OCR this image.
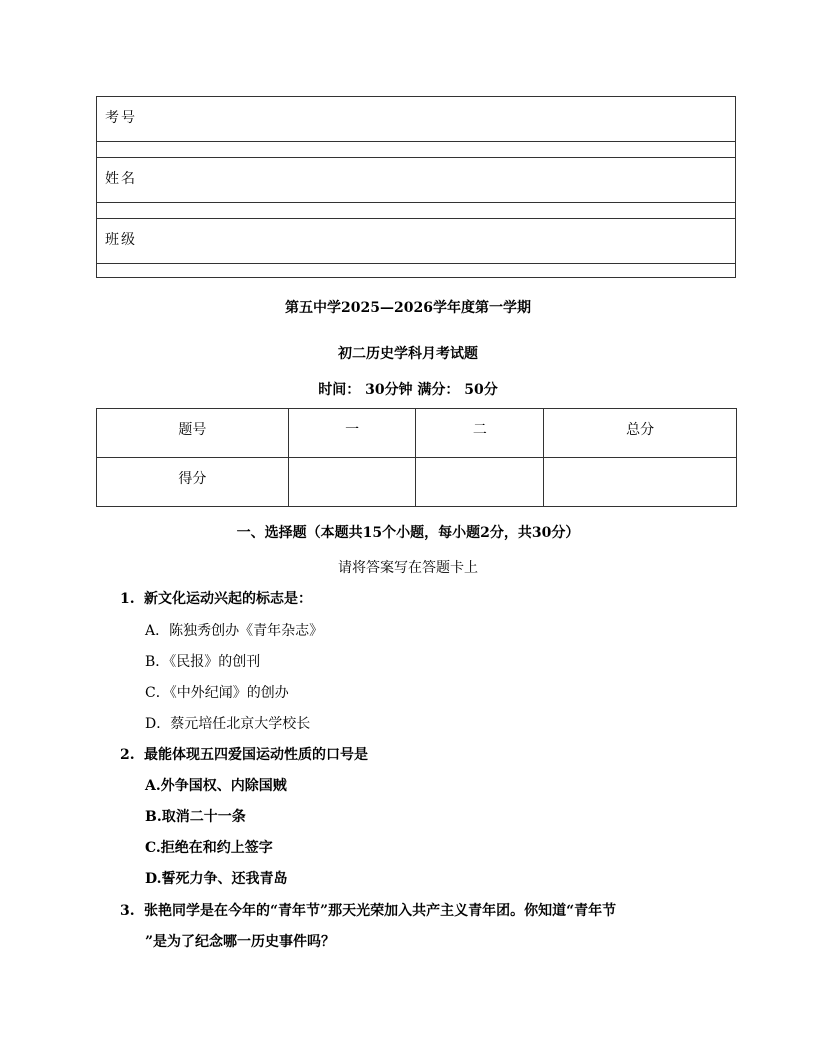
考号
姓名
班级
第五中学2025—2026学年度第一学期
初二历史学科月考试题
时间： 30分钟 满分： 50分
题号	一	二	总分
得分			
一、选择题（本题共15个小题，每小题2分，共30分）
请将答案写在答题卡上
1. 新文化运动兴起的标志是：
A．陈独秀创办《青年杂志》
B．《民报》的创刊
C．《中外纪闻》的创办
D．蔡元培任北京大学校长
2. 最能体现五四爱国运动性质的口号是
A.外争国权、内除国贼
B.取消二十一条
C.拒绝在和约上签字
D.誓死力争、还我青岛
3. 张艳同学是在今年的“青年节”那天光荣加入共产主义青年团。你知道“青年节
”是为了纪念哪一历史事件吗？
